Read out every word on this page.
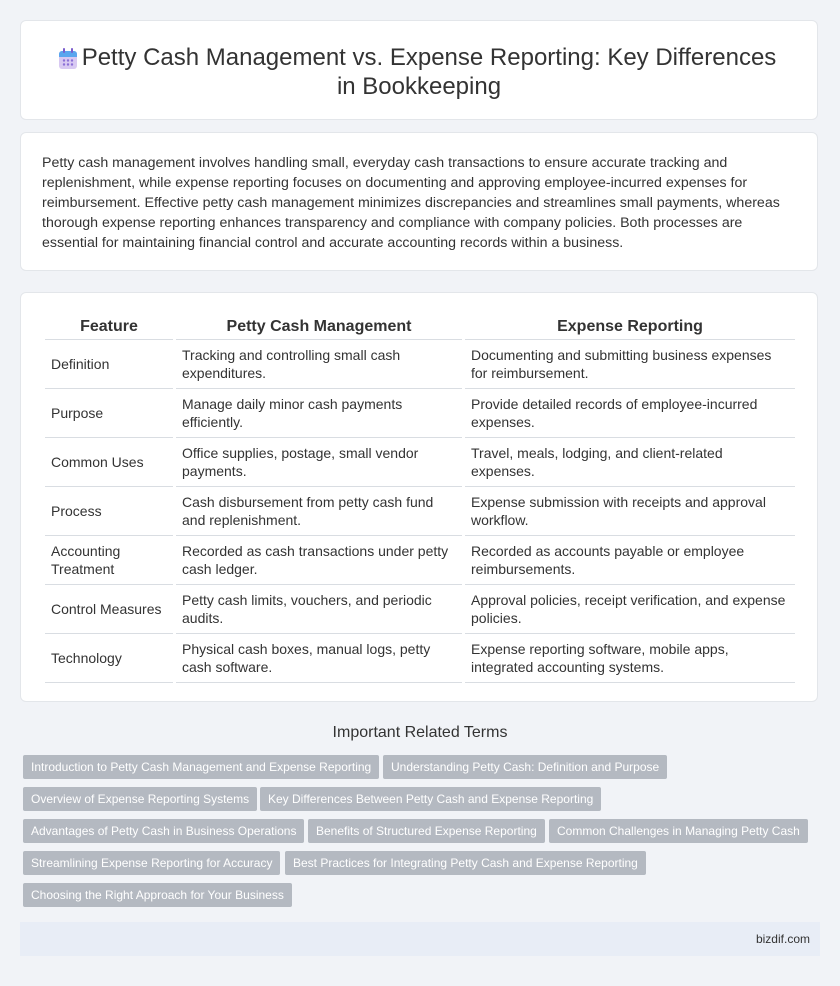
Petty Cash Management vs. Expense Reporting: Key Differences
in Bookkeeping

Petty cash management involves handling small, everyday cash transactions to ensure accurate tracking and replenishment, while expense reporting focuses on documenting and approving employee-incurred expenses for reimbursement. Effective petty cash management minimizes discrepancies and streamlines small payments, whereas thorough expense reporting enhances transparency and compliance with company policies. Both processes are essential for maintaining financial control and accurate accounting records within a business.

Feature	Petty Cash Management	Expense Reporting
Definition	Tracking and controlling small cash expenditures.	Documenting and submitting business expenses for reimbursement.
Purpose	Manage daily minor cash payments efficiently.	Provide detailed records of employee-incurred expenses.
Common Uses	Office supplies, postage, small vendor payments.	Travel, meals, lodging, and client-related expenses.
Process	Cash disbursement from petty cash fund and replenishment.	Expense submission with receipts and approval workflow.
Accounting Treatment	Recorded as cash transactions under petty cash ledger.	Recorded as accounts payable or employee reimbursements.
Control Measures	Petty cash limits, vouchers, and periodic audits.	Approval policies, receipt verification, and expense policies.
Technology	Physical cash boxes, manual logs, petty cash software.	Expense reporting software, mobile apps, integrated accounting systems.
Important Related Terms
Introduction to Petty Cash Management and Expense Reporting	Understanding Petty Cash: Definition and Purpose
Overview of Expense Reporting Systems	Key Differences Between Petty Cash and Expense Reporting
Advantages of Petty Cash in Business Operations	Benefits of Structured Expense Reporting	Common Challenges in Managing Petty Cash
Streamlining Expense Reporting for Accuracy	Best Practices for Integrating Petty Cash and Expense Reporting
Choosing the Right Approach for Your Business
bizdif.com
